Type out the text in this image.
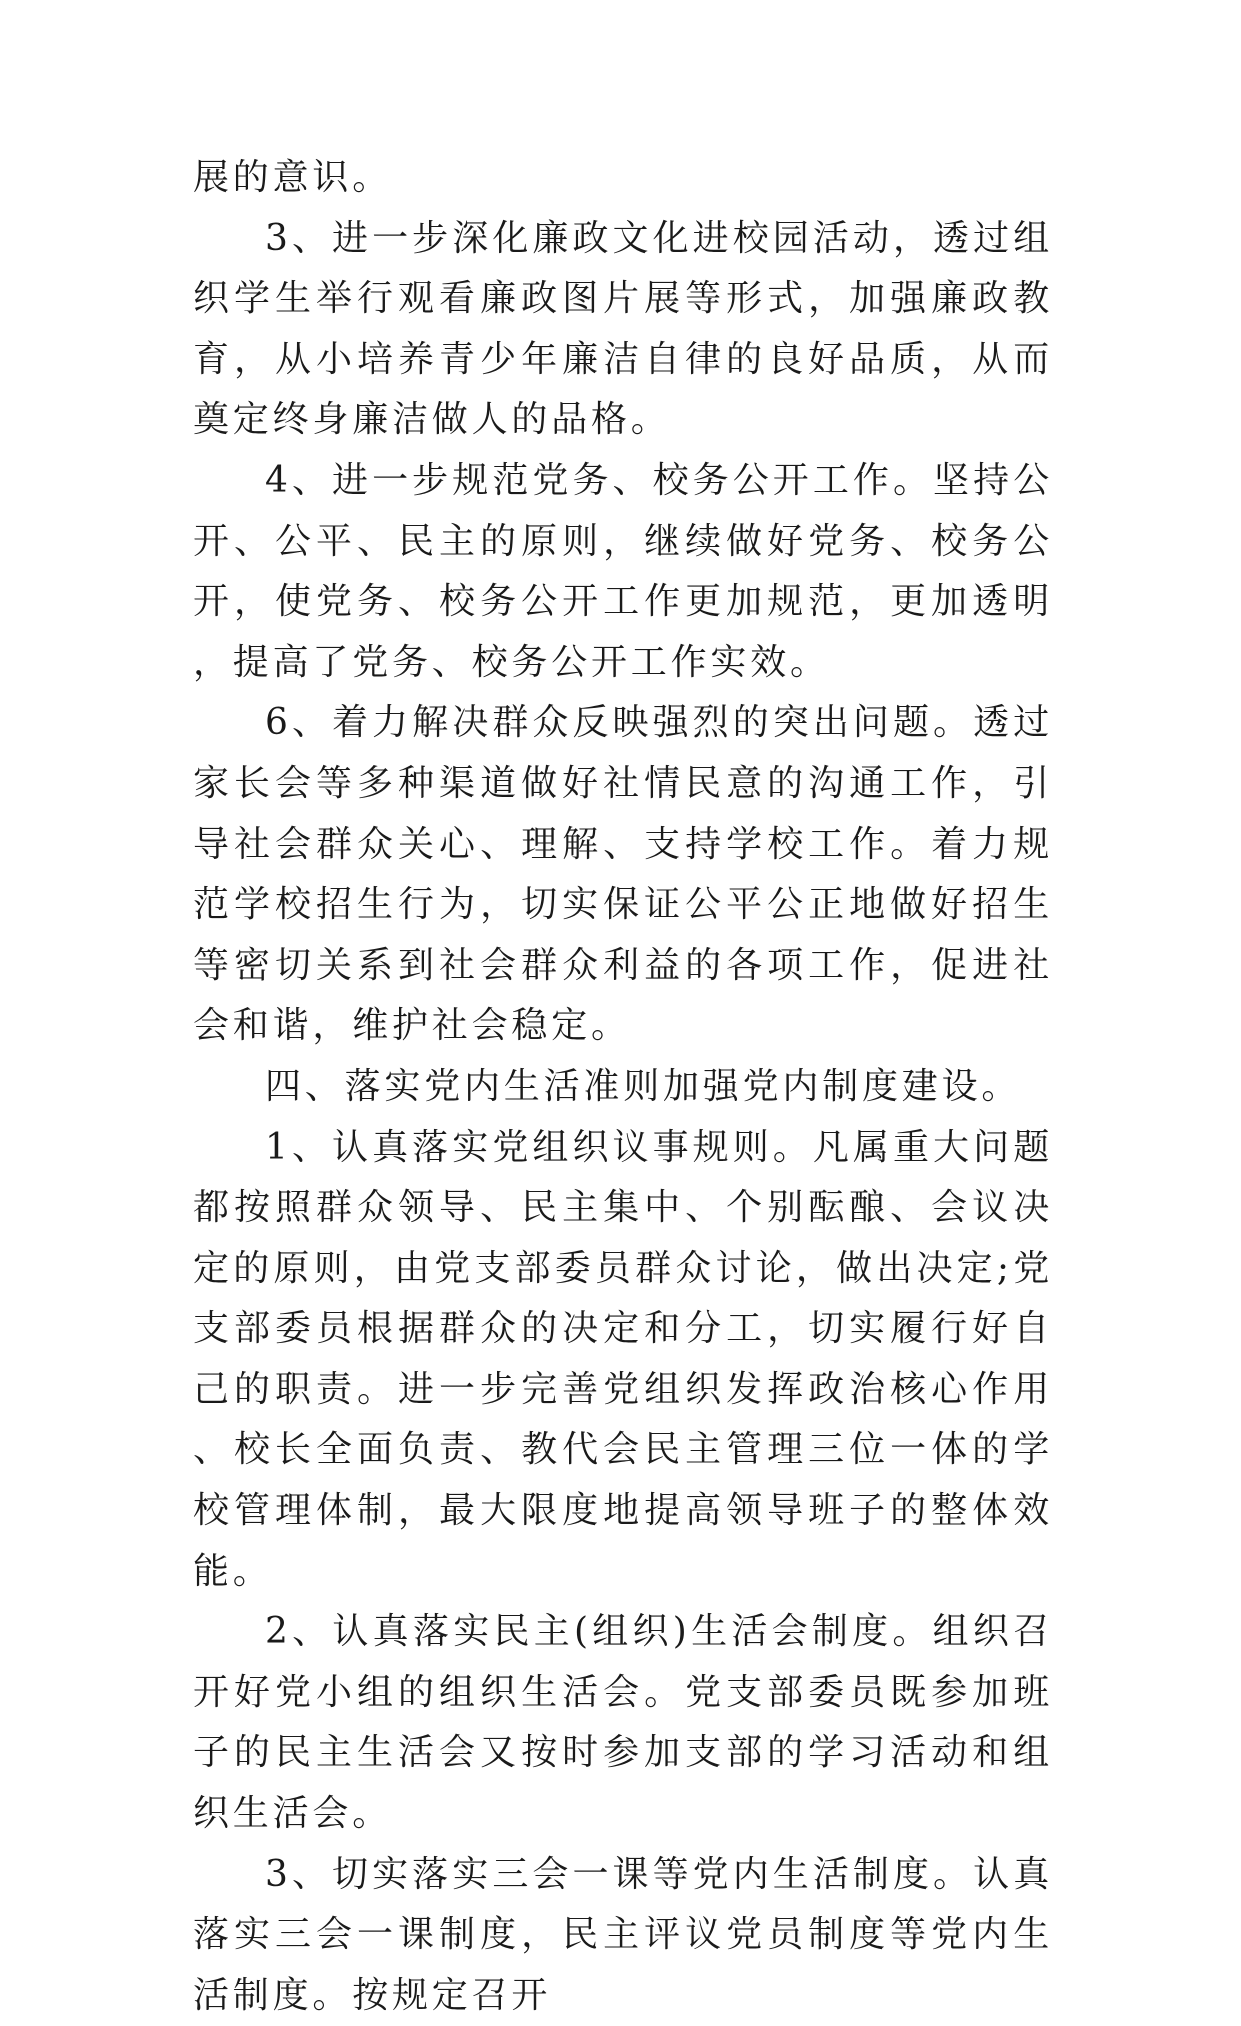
展的意识。

3、进一步深化廉政文化进校园活动，透过组织学生举行观看廉政图片展等形式，加强廉政教育，从小培养青少年廉洁自律的良好品质，从而奠定终身廉洁做人的品格。

4、进一步规范党务、校务公开工作。坚持公开、公平、民主的原则，继续做好党务、校务公开，使党务、校务公开工作更加规范，更加透明，提高了党务、校务公开工作实效。

6、着力解决群众反映强烈的突出问题。透过家长会等多种渠道做好社情民意的沟通工作，引导社会群众关心、理解、支持学校工作。着力规范学校招生行为，切实保证公平公正地做好招生等密切关系到社会群众利益的各项工作，促进社会和谐，维护社会稳定。

四、落实党内生活准则加强党内制度建设。

1、认真落实党组织议事规则。凡属重大问题都按照群众领导、民主集中、个别酝酿、会议决定的原则，由党支部委员群众讨论，做出决定;党支部委员根据群众的决定和分工，切实履行好自己的职责。进一步完善党组织发挥政治核心作用、校长全面负责、教代会民主管理三位一体的学校管理体制，最大限度地提高领导班子的整体效能。

2、认真落实民主(组织)生活会制度。组织召开好党小组的组织生活会。党支部委员既参加班子的民主生活会又按时参加支部的学习活动和组织生活会。

3、切实落实三会一课等党内生活制度。认真落实三会一课制度，民主评议党员制度等党内生活制度。按规定召开
